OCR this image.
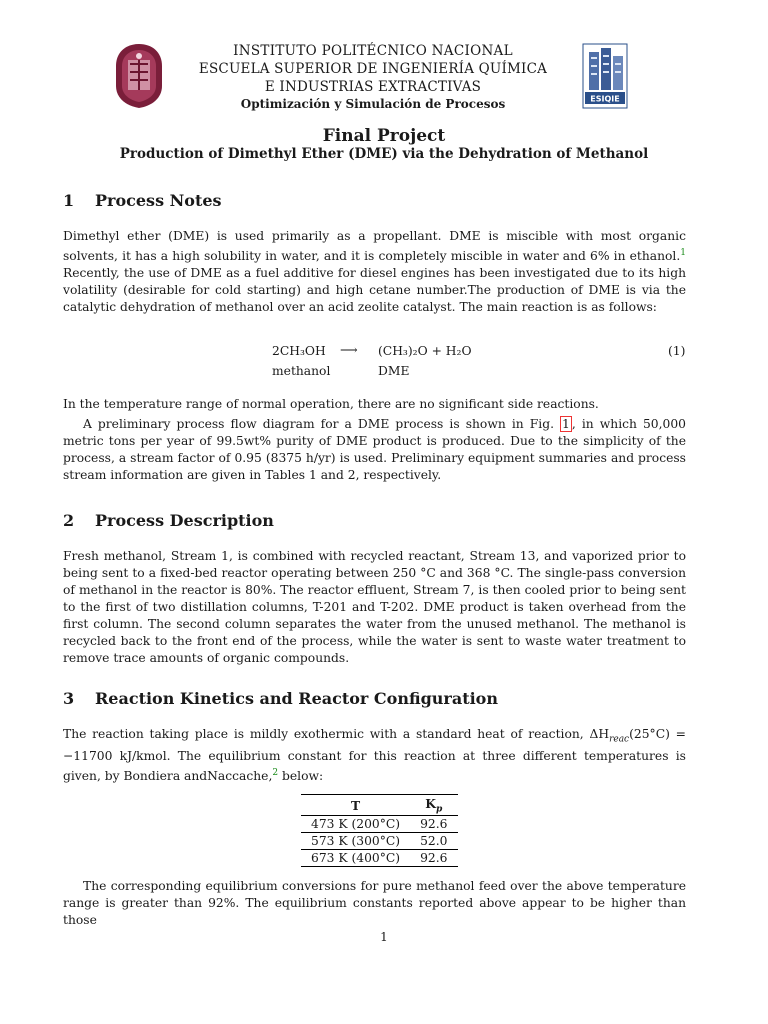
INSTITUTO POLITÉCNICO NACIONAL
ESCUELA SUPERIOR DE INGENIERÍA QUÍMICA
E INDUSTRIAS EXTRACTIVAS
Optimización y Simulación de Procesos	ESIQIE
Final Project
Production of Dimethyl Ether (DME) via the Dehydration of Methanol
1 Process Notes
Dimethyl ether (DME) is used primarily as a propellant. DME is miscible with most organic solvents, it has a high solubility in water, and it is completely miscible in water and 6% in ethanol.$^1$ Recently, the use of DME as a fuel additive for diesel engines has been investigated due to its high volatility (desirable for cold starting) and high cetane number.The production of DME is via the catalytic dehydration of methanol over an acid zeolite catalyst. The main reaction is as follows:
2CH₃OH ⟶ (CH₃)₂O + H₂O	(1)
methanol	DME
In the temperature range of normal operation, there are no significant side reactions.
A preliminary process flow diagram for a DME process is shown in Fig. 1 , in which 50,000 metric tons per year of 99.5wt% purity of DME product is produced. Due to the simplicity of the process, a stream factor of 0.95 (8375 h/yr) is used. Preliminary equipment summaries and process stream information are given in Tables 1 and 2, respectively.
2 Process Description
Fresh methanol, Stream 1, is combined with recycled reactant, Stream 13, and vaporized prior to being sent to a fixed-bed reactor operating between 250 °C and 368 °C. The single-pass conversion of methanol in the reactor is 80%. The reactor effluent, Stream 7, is then cooled prior to being sent to the first of two distillation columns, T-201 and T-202. DME product is taken overhead from the first column. The second column separates the water from the unused methanol. The methanol is recycled back to the front end of the process, while the water is sent to waste water treatment to remove trace amounts of organic compounds.
3 Reaction Kinetics and Reactor Configuration
The reaction taking place is mildly exothermic with a standard heat of reaction, $\Delta H_{reac}(25^\circ C) = -11700$ kJ/kmol. The equilibrium constant for this reaction at three different temperatures is given, by Bondiera andNaccache,$^2$ below:
T	$K_p$
473 K (200°C)	92.6
573 K (300°C)	52.0
673 K (400°C)	92.6
The corresponding equilibrium conversions for pure methanol feed over the above temperature range is greater than 92%. The equilibrium constants reported above appear to be higher than those
1
